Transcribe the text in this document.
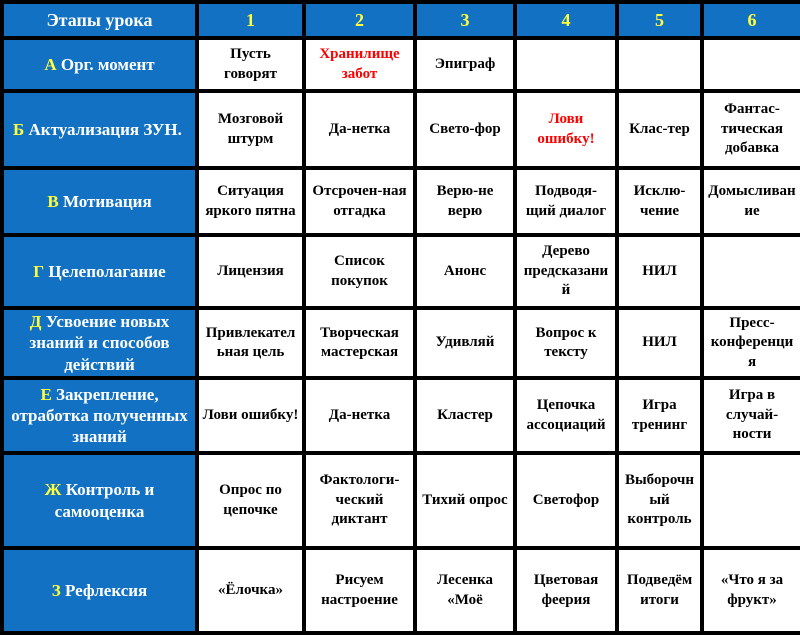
Этапы урока	1	2	3	4	5	6
А Орг. момент	Пусть говорят	Хранилище забот	Эпиграф			
Б Актуализация ЗУН.	Мозговой штурм	Да-нетка	Свето-фор	Лови ошибку!	Клас-тер	Фантас-тическая добавка
В Мотивация	Ситуация яркого пятна	Отсрочен-ная отгадка	Верю-не верю	Подводя-щий диалог	Исклю-чение	Домысливание
Г Целеполагание	Лицензия	Список покупок	Анонс	Дерево предсказаний	НИЛ	
Д Усвоение новых знаний и способов действий	Привлекательная цель	Творческая мастерская	Удивляй	Вопрос к тексту	НИЛ	Пресс-конференция
Е Закрепление, отработка полученных знаний	Лови ошибку!	Да-нетка	Кластер	Цепочка ассоциаций	Игра тренинг	Игра в случай-ности
Ж Контроль и самооценка	Опрос по цепочке	Фактологи-ческий диктант	Тихий опрос	Светофор	Выборочный контроль	
З Рефлексия	«Ёлочка»	Рисуем настроение	Лесенка «Моё	Цветовая феерия	Подведём итоги	«Что я за фрукт»
